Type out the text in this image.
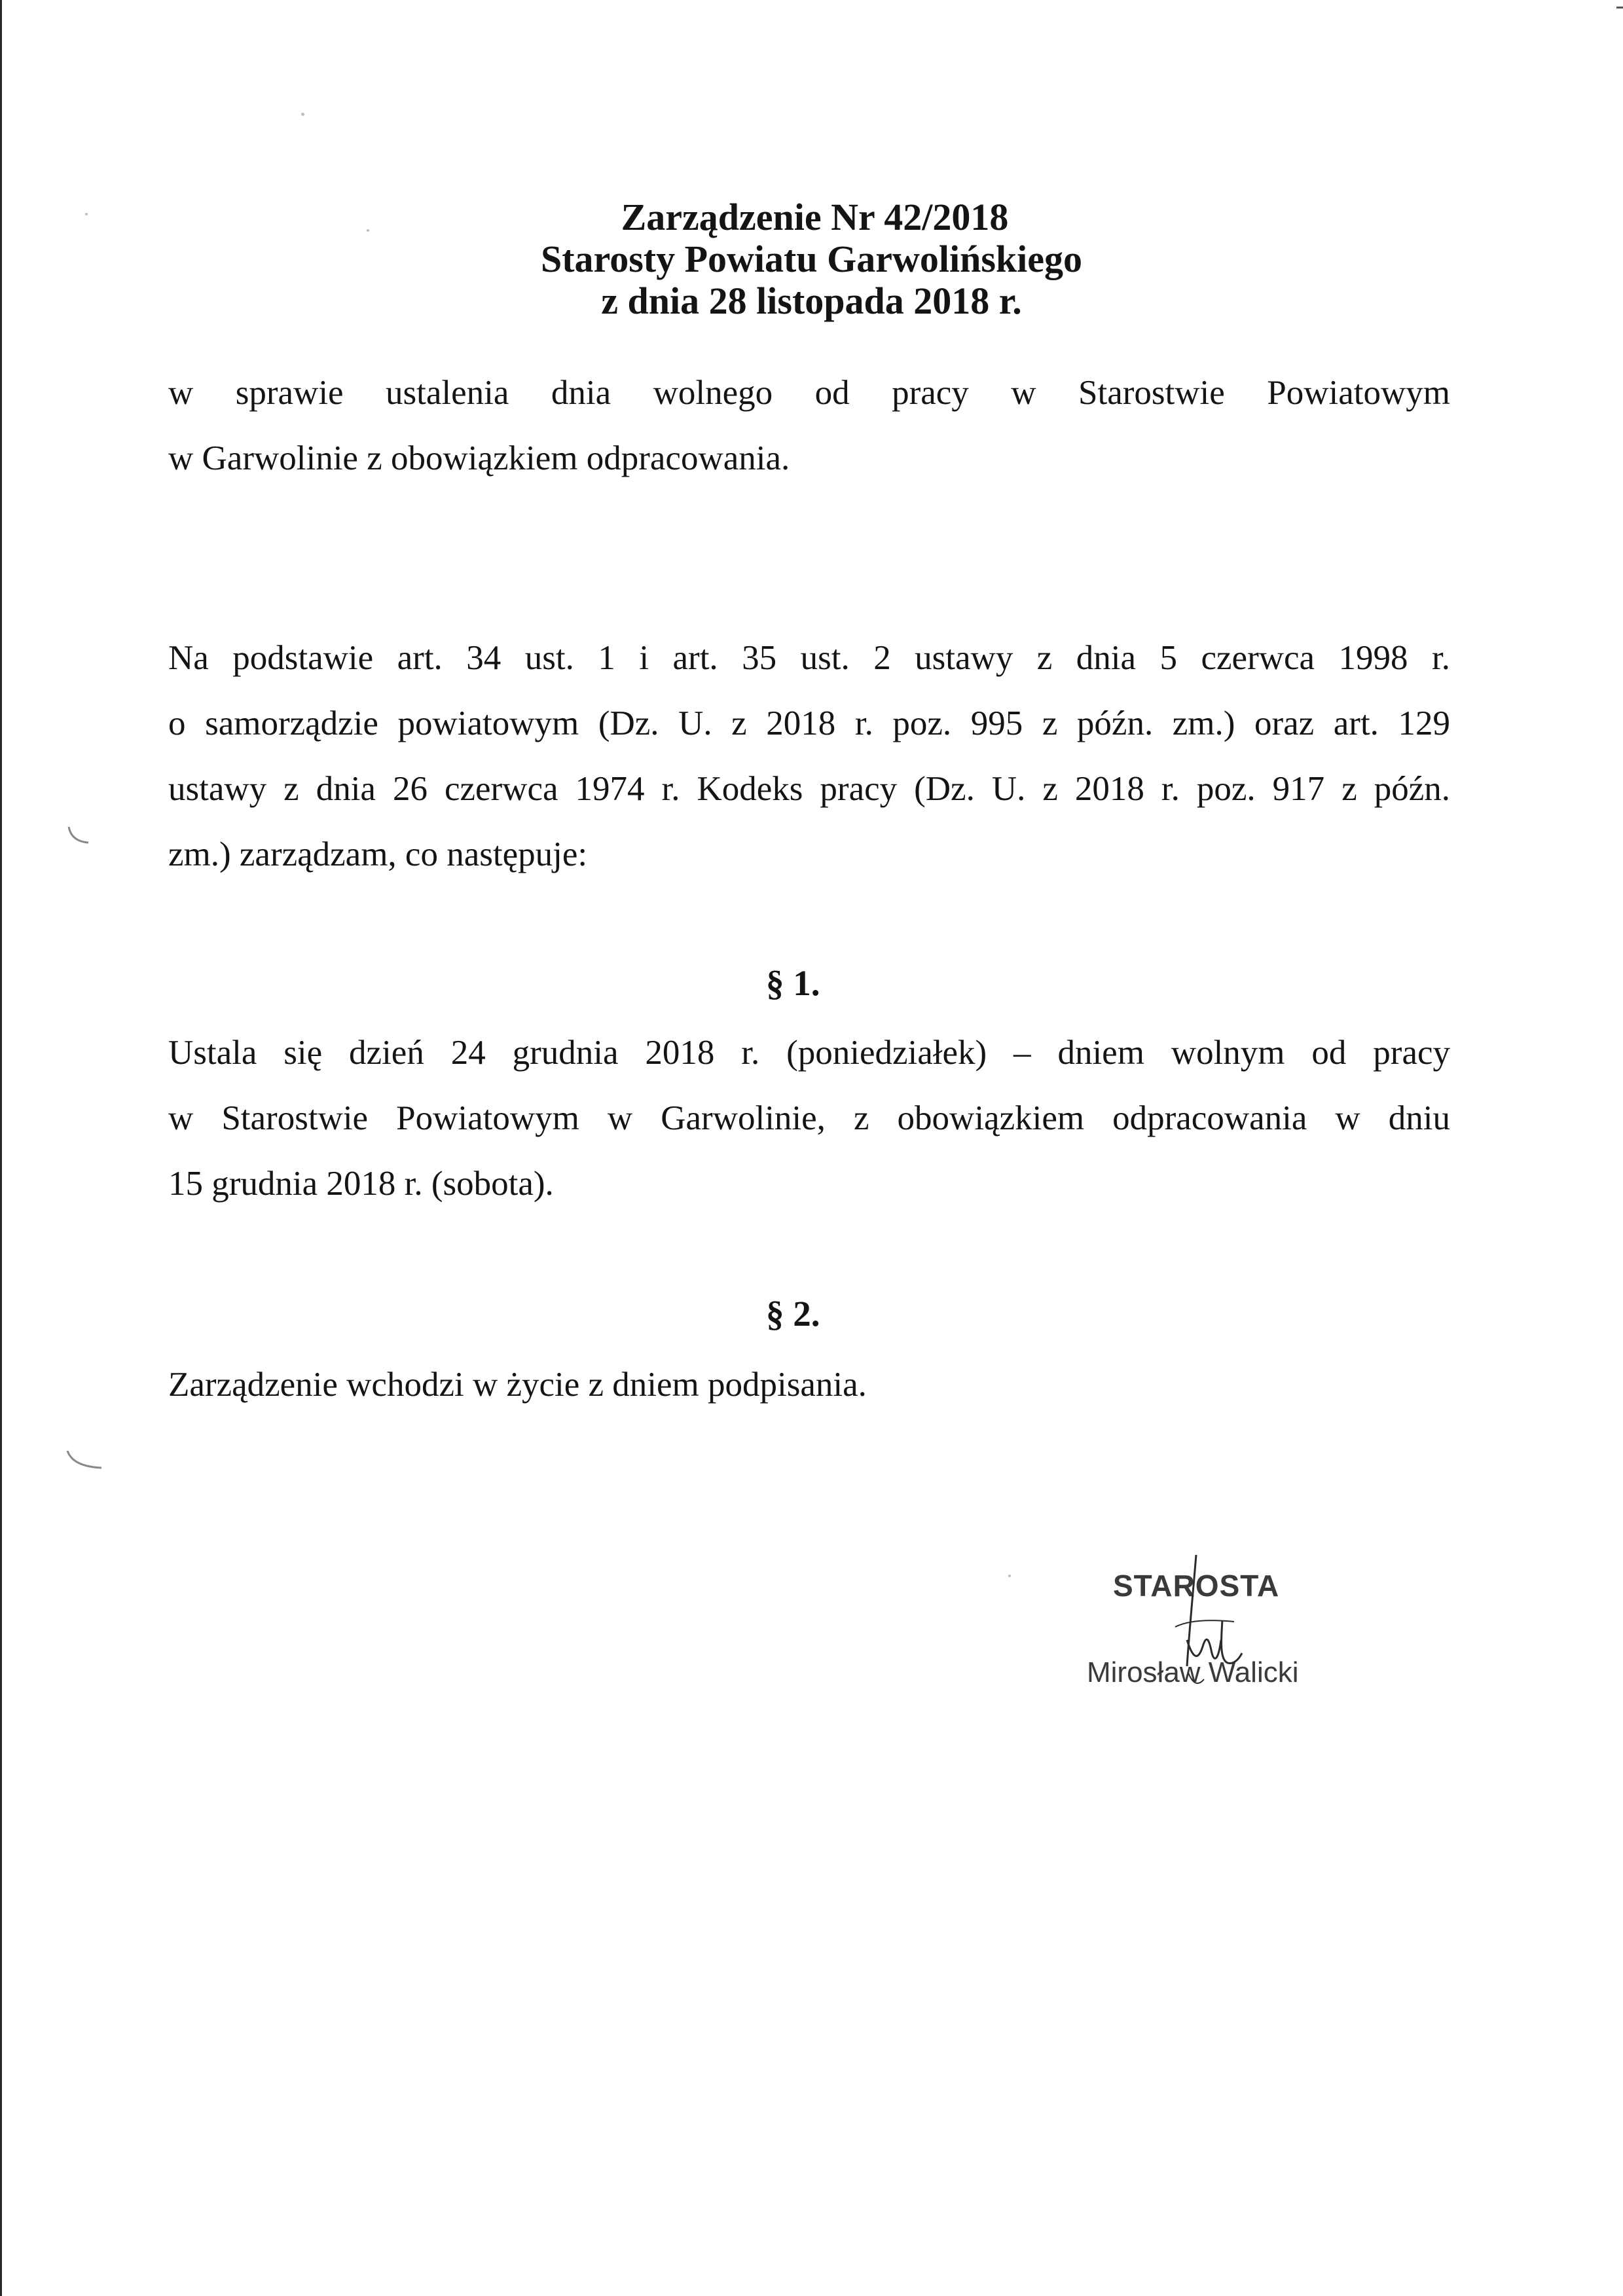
Zarządzenie Nr 42/2018
Starosty Powiatu Garwolińskiego
z dnia 28 listopada 2018 r.
w sprawie ustalenia dnia wolnego od pracy w Starostwie Powiatowym
w Garwolinie z obowiązkiem odpracowania.
Na podstawie art. 34 ust. 1 i art. 35 ust. 2 ustawy z dnia 5 czerwca 1998 r.
o samorządzie powiatowym (Dz. U. z 2018 r. poz. 995 z późn. zm.) oraz art. 129
ustawy z dnia 26 czerwca 1974 r. Kodeks pracy (Dz. U. z 2018 r. poz. 917 z późn.
zm.) zarządzam, co następuje:
§ 1.
Ustala się dzień 24 grudnia 2018 r. (poniedziałek) – dniem wolnym od pracy
w Starostwie Powiatowym w Garwolinie, z obowiązkiem odpracowania w dniu
15 grudnia 2018 r. (sobota).
§ 2.
Zarządzenie wchodzi w życie z dniem podpisania.
STAROSTA
Mirosław Walicki
